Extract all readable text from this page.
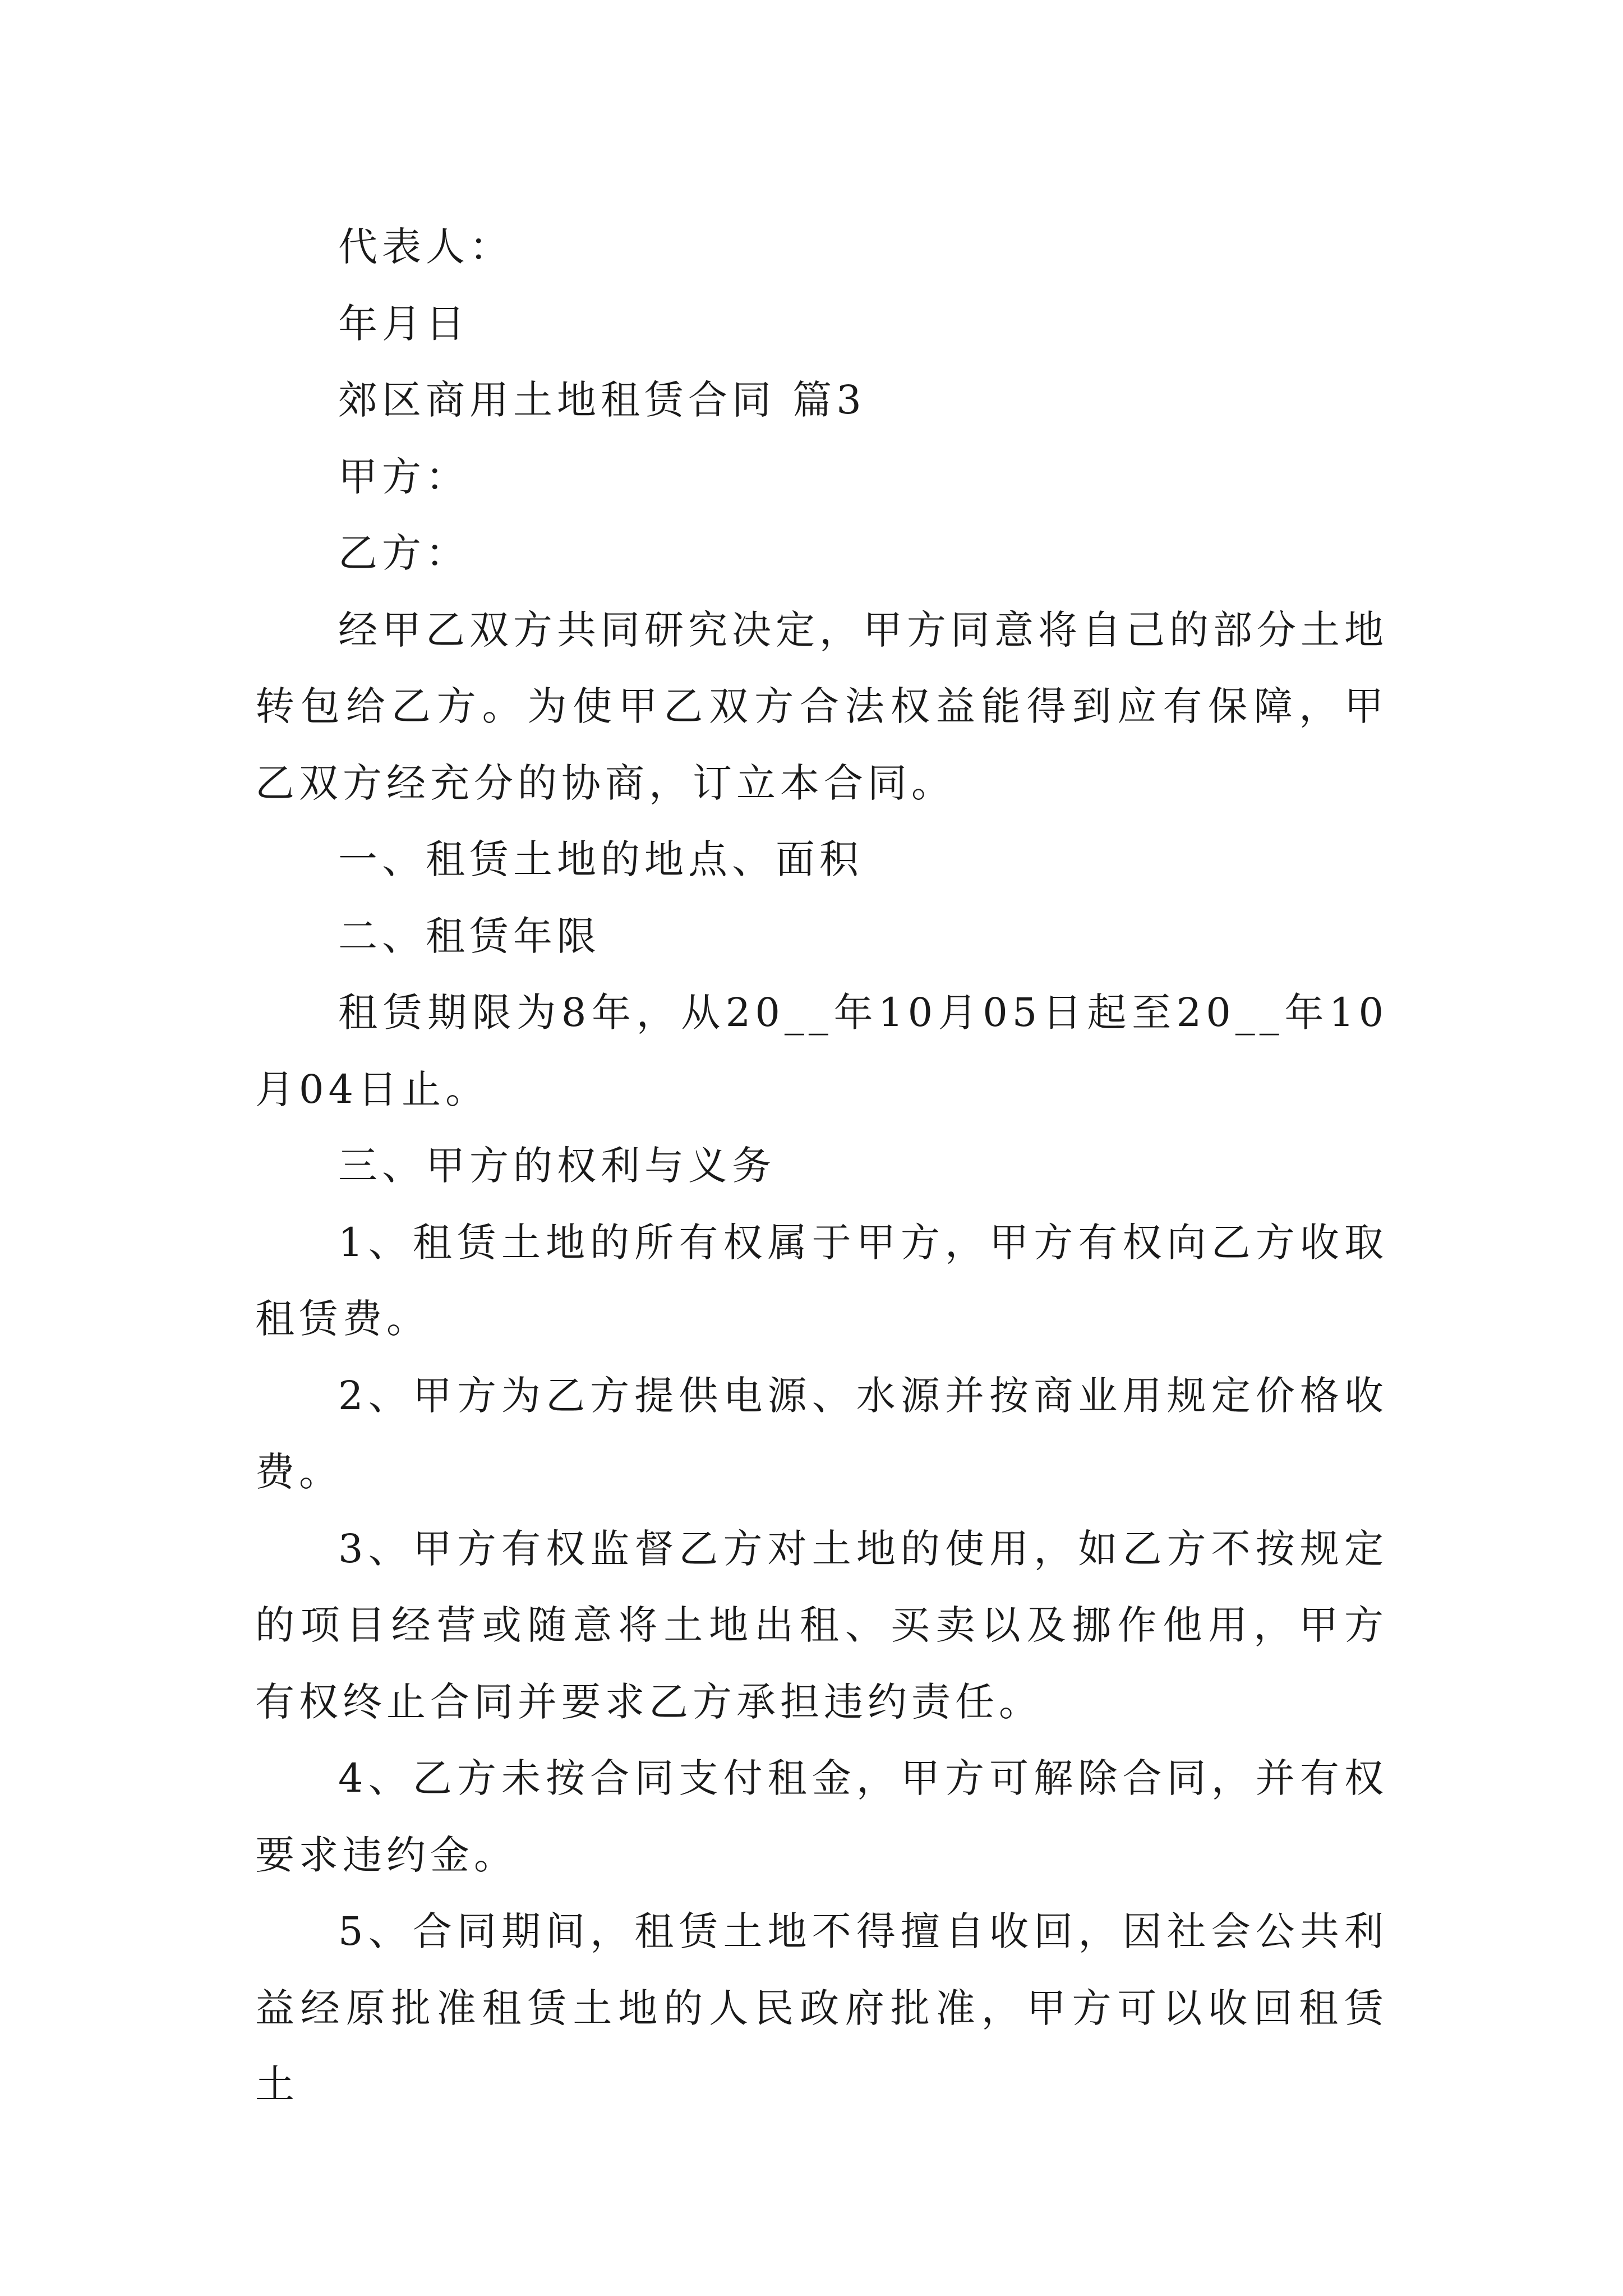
代表人：

年月日

郊区商用土地租赁合同 篇3

甲方：

乙方：

经甲乙双方共同研究决定，甲方同意将自己的部分土地转包给乙方。为使甲乙双方合法权益能得到应有保障，甲乙双方经充分的协商，订立本合同。

一、租赁土地的地点、面积

二、租赁年限

租赁期限为8年，从20__年10月05日起至20__年10月04日止。

三、甲方的权利与义务

1、租赁土地的所有权属于甲方，甲方有权向乙方收取租赁费。

2、甲方为乙方提供电源、水源并按商业用规定价格收费。

3、甲方有权监督乙方对土地的使用，如乙方不按规定的项目经营或随意将土地出租、买卖以及挪作他用，甲方有权终止合同并要求乙方承担违约责任。

4、乙方未按合同支付租金，甲方可解除合同，并有权要求违约金。

5、合同期间，租赁土地不得擅自收回，因社会公共利益经原批准租赁土地的人民政府批准，甲方可以收回租赁土
